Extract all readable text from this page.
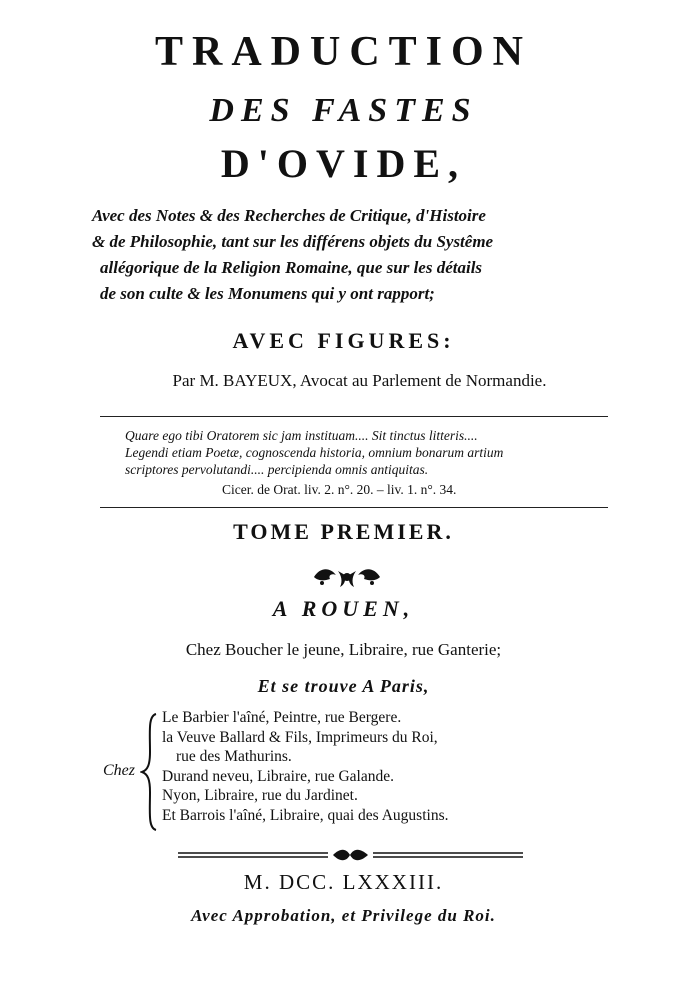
TRADUCTION
DES FASTES
D'OVIDE,
Avec des Notes & des Recherches de Critique, d'Histoire
& de Philosophie, tant sur les différens objets du Systême
allégorique de la Religion Romaine, que sur les détails
de son culte & les Monumens qui y ont rapport;
AVEC FIGURES:
Par M. BAYEUX, Avocat au Parlement de Normandie.
Quare ego tibi Oratorem sic jam instituam.... Sit tinctus litteris....
Legendi etiam Poetæ, cognoscenda historia, omnium bonarum artium
scriptores pervolutandi.... percipienda omnis antiquitas.
Cicer. de Orat. liv. 2. n°. 20. – liv. 1. n°. 34.
TOME PREMIER.
A ROUEN,
Chez Boucher le jeune, Libraire, rue Ganterie;
Et se trouve A Paris,
Chez
Le Barbier l'aîné, Peintre, rue Bergere.
la Veuve Ballard & Fils, Imprimeurs du Roi,
rue des Mathurins.
Durand neveu, Libraire, rue Galande.
Nyon, Libraire, rue du Jardinet.
Et Barrois l'aîné, Libraire, quai des Augustins.
M. DCC. LXXXIII.
Avec Approbation, et Privilege du Roi.
